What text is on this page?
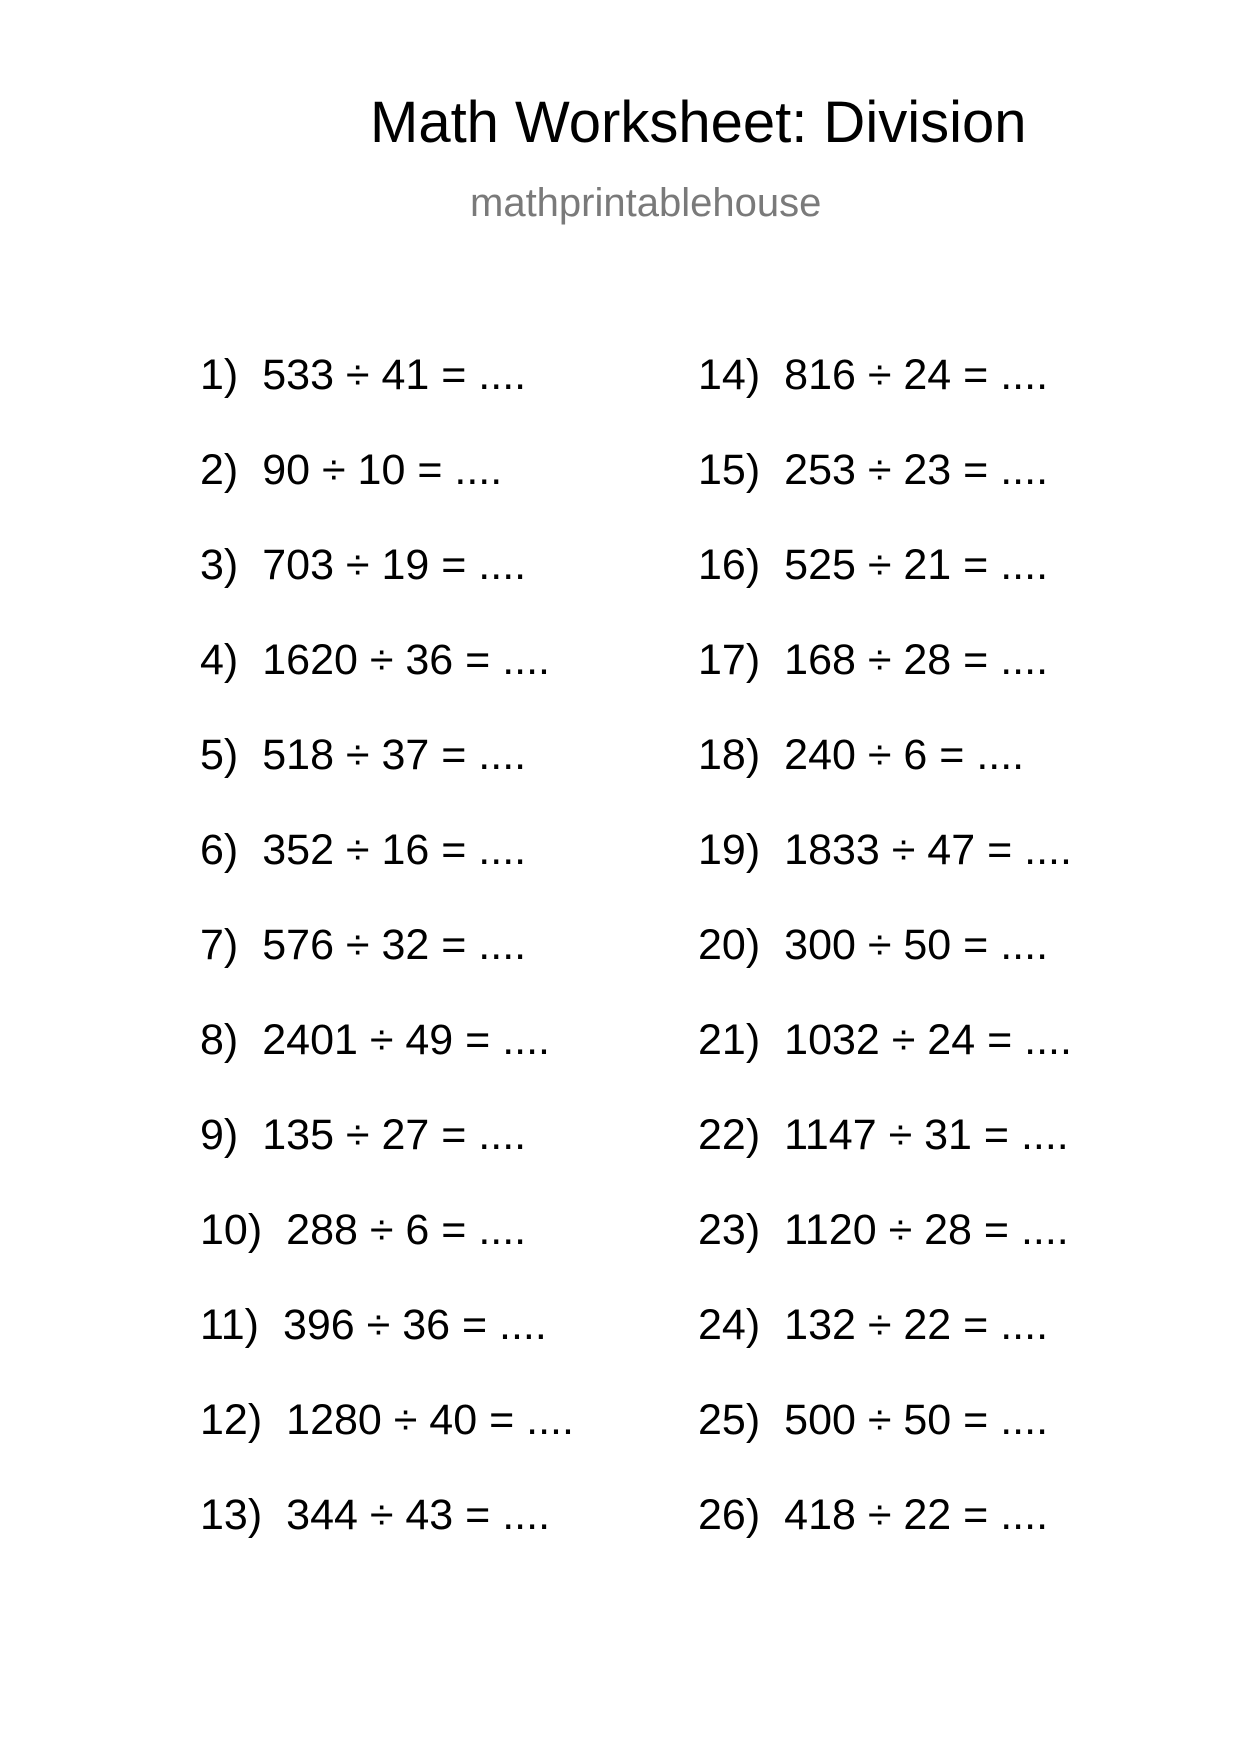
Math Worksheet: Division
mathprintablehouse
1) 533 ÷ 41 = ....
2) 90 ÷ 10 = ....
3) 703 ÷ 19 = ....
4) 1620 ÷ 36 = ....
5) 518 ÷ 37 = ....
6) 352 ÷ 16 = ....
7) 576 ÷ 32 = ....
8) 2401 ÷ 49 = ....
9) 135 ÷ 27 = ....
10) 288 ÷ 6 = ....
11) 396 ÷ 36 = ....
12) 1280 ÷ 40 = ....
13) 344 ÷ 43 = ....
14) 816 ÷ 24 = ....
15) 253 ÷ 23 = ....
16) 525 ÷ 21 = ....
17) 168 ÷ 28 = ....
18) 240 ÷ 6 = ....
19) 1833 ÷ 47 = ....
20) 300 ÷ 50 = ....
21) 1032 ÷ 24 = ....
22) 1147 ÷ 31 = ....
23) 1120 ÷ 28 = ....
24) 132 ÷ 22 = ....
25) 500 ÷ 50 = ....
26) 418 ÷ 22 = ....
